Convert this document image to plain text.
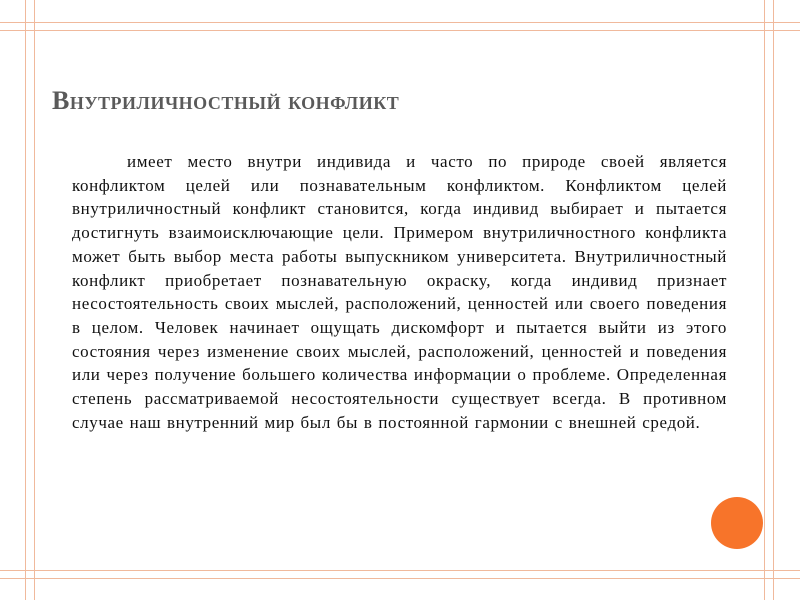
Внутриличностный конфликт

имеет место внутри индивида и часто по природе своей является конфликтом целей или познавательным конфликтом. Конфликтом целей внутриличностный конфликт становится, когда индивид выбирает и пытается достигнуть взаимоисключающие цели. Примером внутриличностного конфликта может быть выбор места работы выпускником университета. Внутриличностный конфликт приобретает познавательную окраску, когда индивид признает несостоятельность своих мыслей, расположений, ценностей или своего поведения в целом. Человек начинает ощущать дискомфорт и пытается выйти из этого состояния через изменение своих мыслей, расположений, ценностей и поведения или через получение большего количества информации о проблеме. Определенная степень рассматриваемой несостоятельности существует всегда. В противном случае наш внутренний мир был бы в постоянной гармонии с внешней средой.
